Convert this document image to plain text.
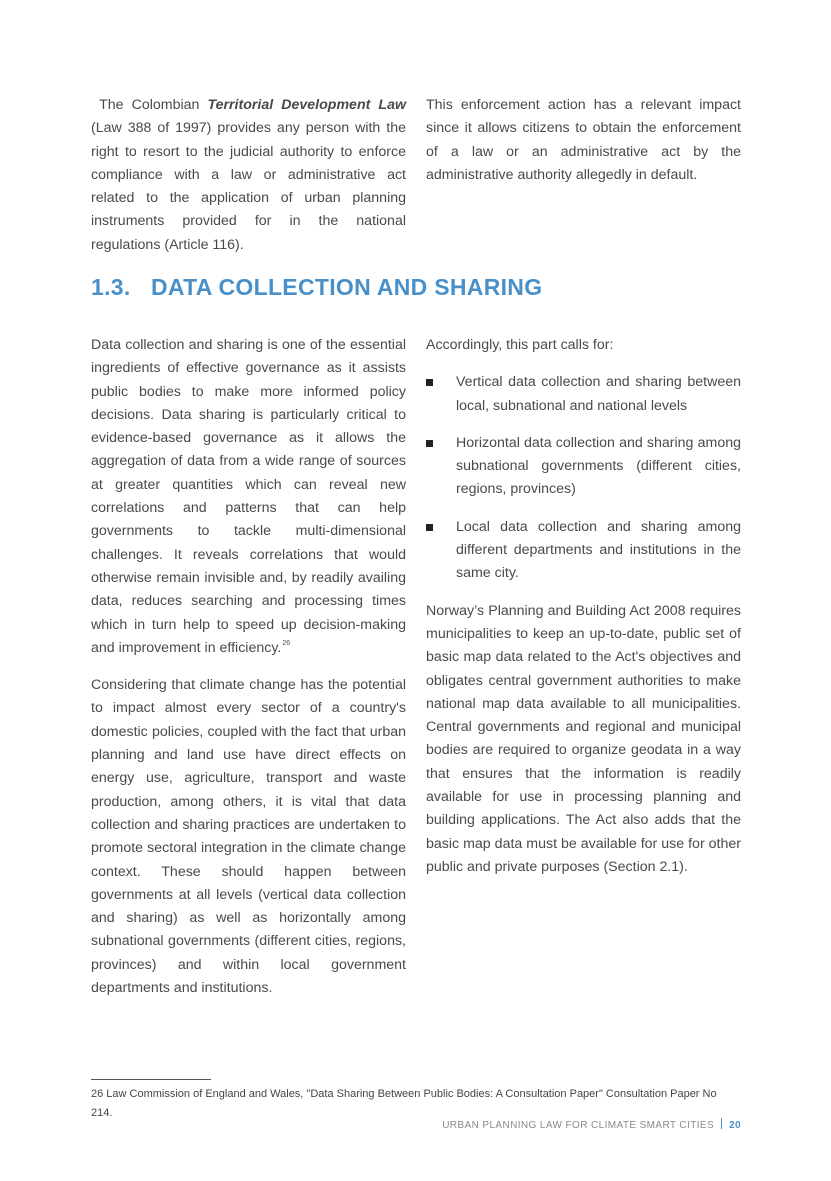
The Colombian Territorial Development Law (Law 388 of 1997) provides any person with the right to resort to the judicial authority to enforce compliance with a law or administrative act related to the application of urban planning instruments provided for in the national regulations (Article 116).

This enforcement action has a relevant impact since it allows citizens to obtain the enforcement of a law or an administrative act by the administrative authority allegedly in default.

1.3. DATA COLLECTION AND SHARING

Data collection and sharing is one of the essential ingredients of effective governance as it assists public bodies to make more informed policy decisions. Data sharing is particularly critical to evidence-based governance as it allows the aggregation of data from a wide range of sources at greater quantities which can reveal new correlations and patterns that can help governments to tackle multi-dimensional challenges. It reveals correlations that would otherwise remain invisible and, by readily availing data, reduces searching and processing times which in turn help to speed up decision-making and improvement in efficiency.$^{26}$

Considering that climate change has the potential to impact almost every sector of a country's domestic policies, coupled with the fact that urban planning and land use have direct effects on energy use, agriculture, transport and waste production, among others, it is vital that data collection and sharing practices are undertaken to promote sectoral integration in the climate change context. These should happen between governments at all levels (vertical data collection and sharing) as well as horizontally among subnational governments (different cities, regions, provinces) and within local government departments and institutions.

Accordingly, this part calls for:

Vertical data collection and sharing between local, subnational and national levels
Horizontal data collection and sharing among subnational governments (different cities, regions, provinces)
Local data collection and sharing among different departments and institutions in the same city.

Norway’s Planning and Building Act 2008 requires municipalities to keep an up-to-date, public set of basic map data related to the Act's objectives and obligates central government authorities to make national map data available to all municipalities. Central governments and regional and municipal bodies are required to organize geodata in a way that ensures that the information is readily available for use in processing planning and building applications. The Act also adds that the basic map data must be available for use for other public and private purposes (Section 2.1).

26 Law Commission of England and Wales, "Data Sharing Between Public Bodies: A Consultation Paper" Consultation Paper No 214.

URBAN PLANNING LAW FOR CLIMATE SMART CITIES 20
